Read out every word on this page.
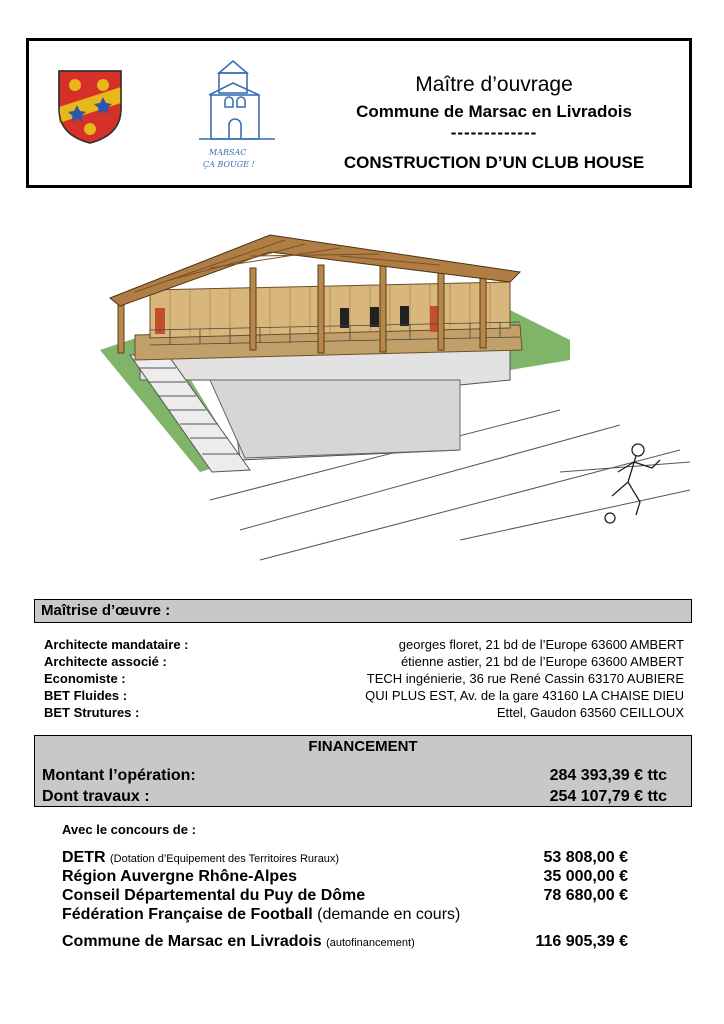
MARSAC
ÇA BOUGE !
Maître d’ouvrage
Commune de Marsac en Livradois
-------------
CONSTRUCTION D’UN CLUB HOUSE
Maîtrise d’œuvre :
Architecte mandataire :	georges floret, 21 bd de l’Europe 63600 AMBERT
Architecte associé :	étienne astier, 21 bd de l’Europe 63600 AMBERT
Economiste :	TECH ingénierie, 36 rue René Cassin 63170 AUBIERE
BET Fluides :	QUI PLUS EST, Av. de la gare 43160 LA CHAISE DIEU
BET Strutures :	Ettel, Gaudon 63560 CEILLOUX
FINANCEMENT
Montant l’opération:	284 393,39 € ttc
Dont travaux :	254 107,79 € ttc
Avec le concours de :
DETR (Dotation d’Equipement des Territoires Ruraux)	53 808,00 €
Région Auvergne Rhône-Alpes	35 000,00 €
Conseil Départemental du Puy de Dôme	78 680,00 €
Fédération Française de Football (demande en cours)
Commune de Marsac en Livradois (autofinancement)	116 905,39 €
